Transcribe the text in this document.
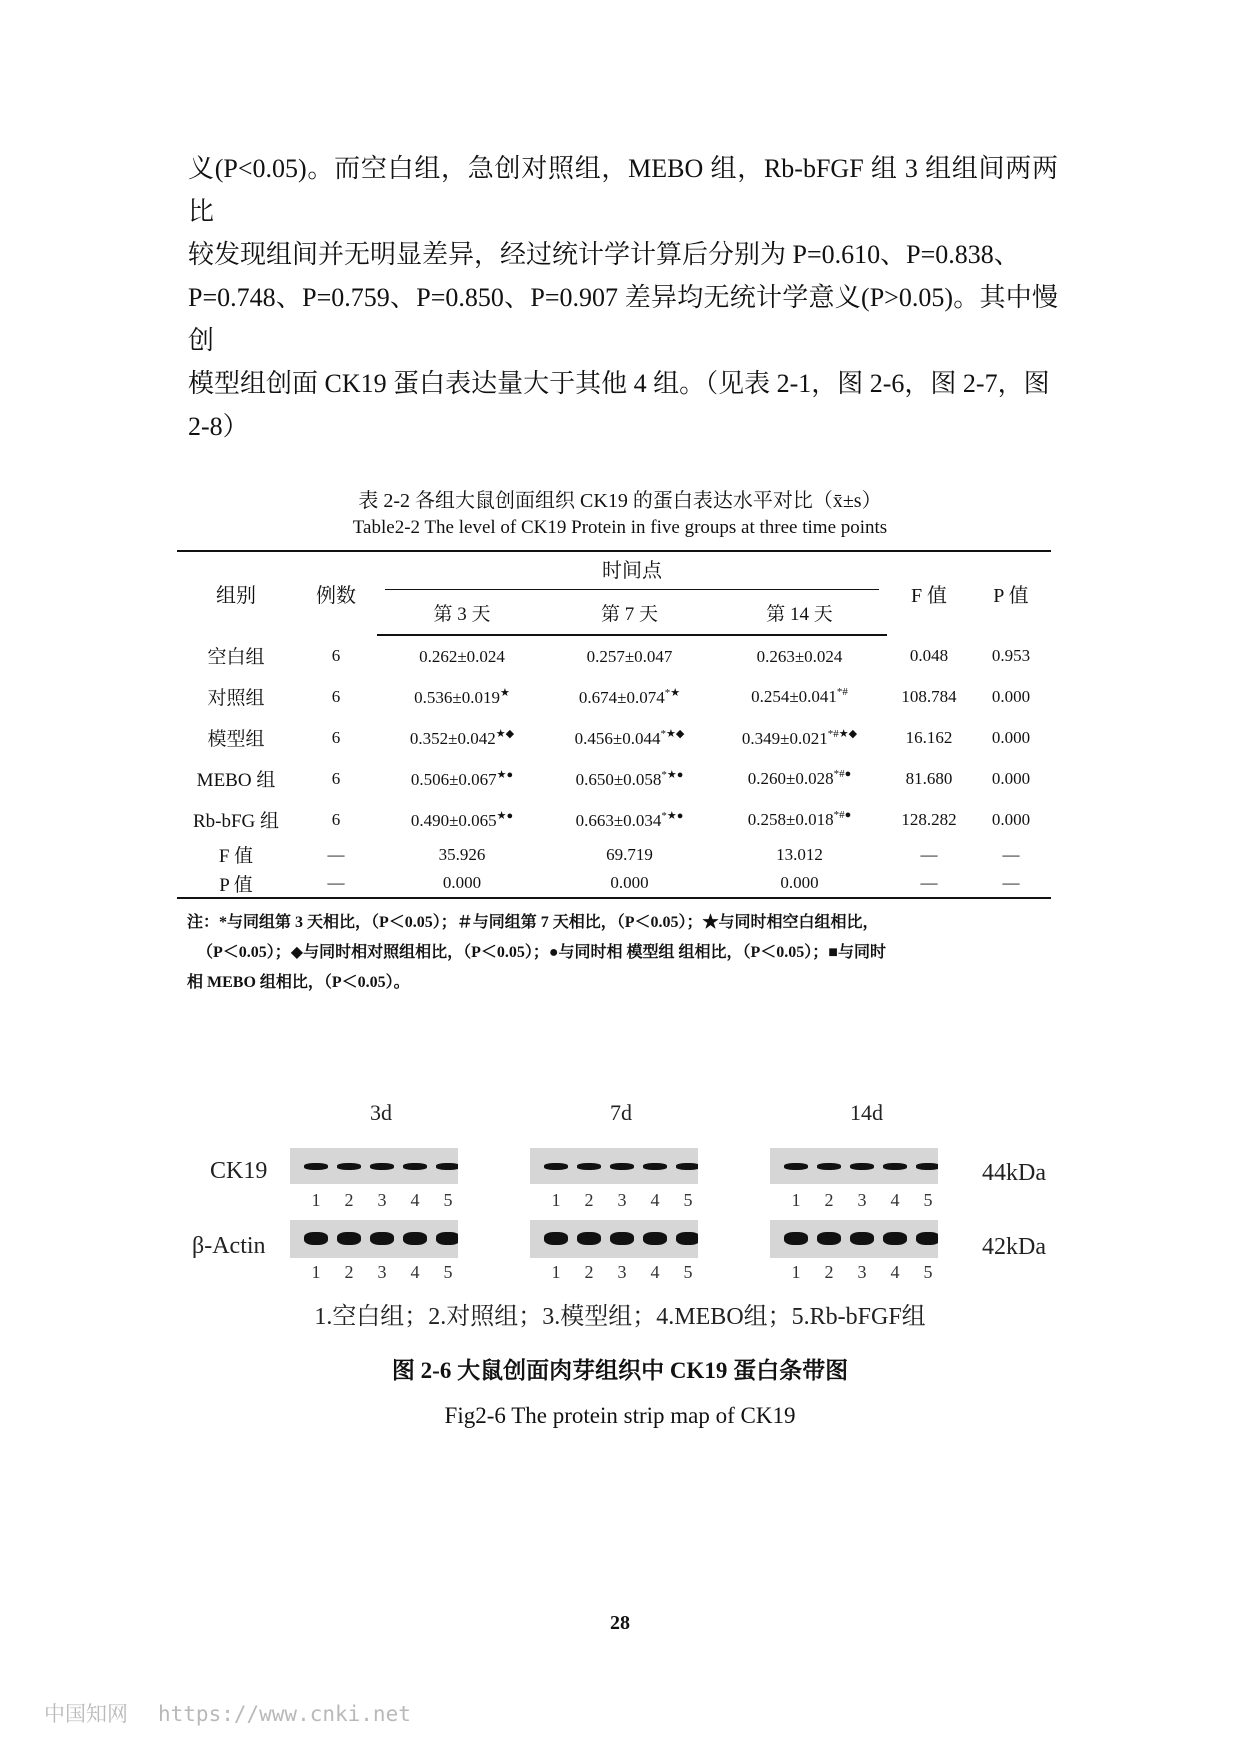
义(P<0.05)。而空白组，急创对照组，MEBO 组，Rb-bFGF 组 3 组组间两两比

较发现组间并无明显差异，经过统计学计算后分别为 P=0.610、P=0.838、

P=0.748、P=0.759、P=0.850、P=0.907 差异均无统计学意义(P>0.05)。其中慢创

模型组创面 CK19 蛋白表达量大于其他 4 组。（见表 2-1，图 2-6，图 2-7，图

2-8）

表 2-2 各组大鼠创面组织 CK19 的蛋白表达水平对比（x̄±s）
Table2-2 The level of CK19 Protein in five groups at three time points
组别	例数	时间点			F 值	P 值
		第 3 天	第 7 天	第 14 天		
空白组	6	0.262±0.024	0.257±0.047	0.263±0.024	0.048	0.953
对照组	6	0.536±0.019★	0.674±0.074*★	0.254±0.041*#	108.784	0.000
模型组	6	0.352±0.042★◆	0.456±0.044*★◆	0.349±0.021*#★◆	16.162	0.000
MEBO 组	6	0.506±0.067★●	0.650±0.058*★●	0.260±0.028*#●	81.680	0.000
Rb-bFG 组	6	0.490±0.065★●	0.663±0.034*★●	0.258±0.018*#●	128.282	0.000
F 值	—	35.926	69.719	13.012	—	—
P 值	—	0.000	0.000	0.000	—	—

注：*与同组第 3 天相比，（P＜0.05）；＃与同组第 7 天相比，（P＜0.05）；★与同时相空白组相比，

（P＜0.05）；◆与同时相对照组相比，（P＜0.05）；●与同时相 模型组 组相比，（P＜0.05）；■与同时

相 MEBO 组相比，（P＜0.05）。

3d	7d	14d
CK19
β-Actin
44kDa
42kDa
1 2 3 4 5	1 2 3 4 5	1 2 3 4 5
1 2 3 4 5	1 2 3 4 5	1 2 3 4 5
1.空白组；2.对照组；3.模型组；4.MEBO组；5.Rb-bFGF组
图 2-6 大鼠创面肉芽组织中 CK19 蛋白条带图
Fig2-6 The protein strip map of CK19
28
中国知网 https://www.cnki.net
